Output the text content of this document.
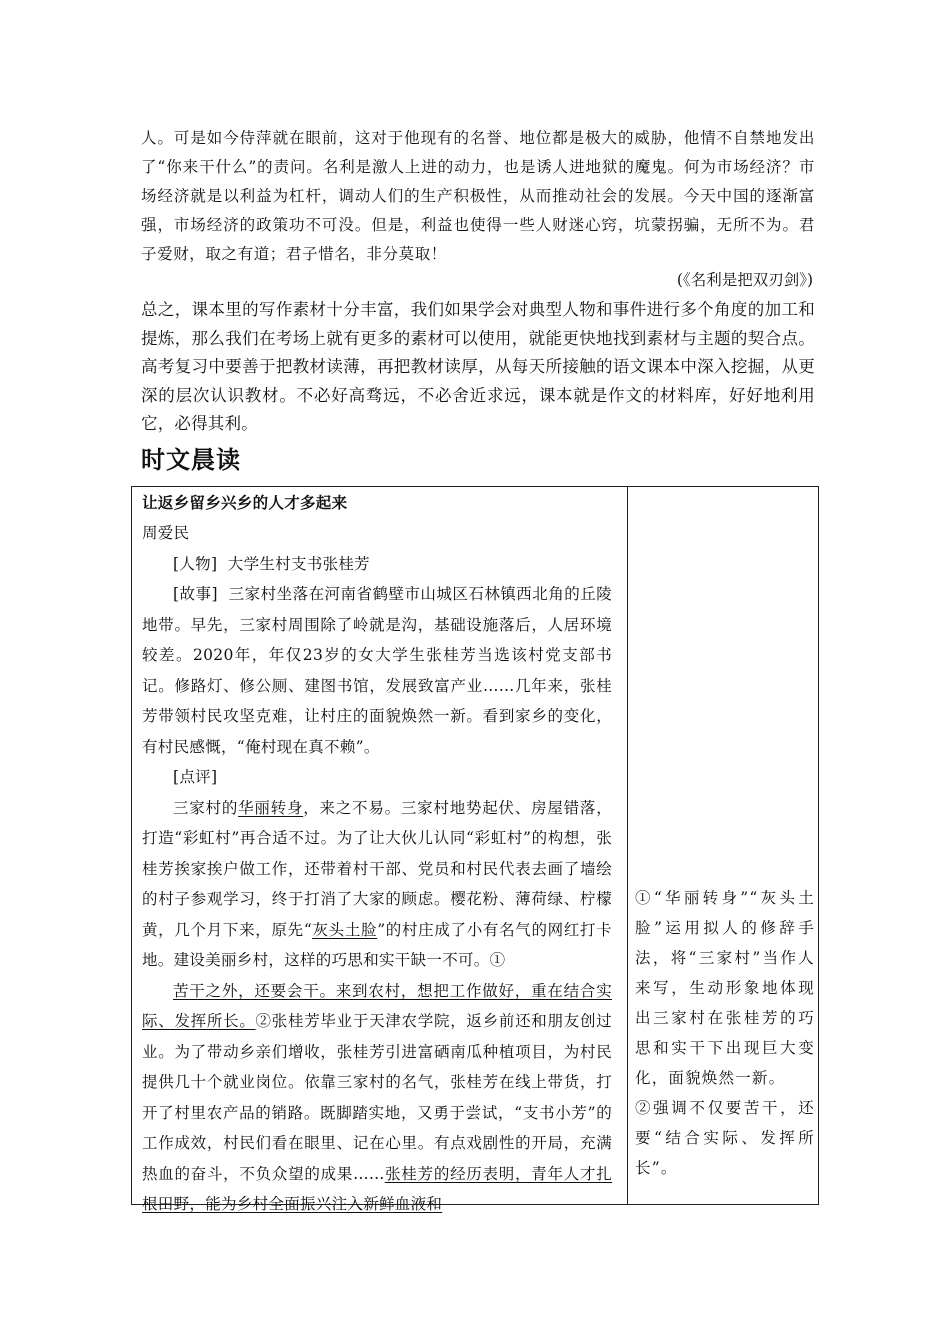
人。可是如今侍萍就在眼前，这对于他现有的名誉、地位都是极大的威胁，他情不自禁地发出了“你来干什么”的责问。名利是激人上进的动力，也是诱人进地狱的魔鬼。何为市场经济？市场经济就是以利益为杠杆，调动人们的生产积极性，从而推动社会的发展。今天中国的逐渐富强，市场经济的政策功不可没。但是，利益也使得一些人财迷心窍，坑蒙拐骗，无所不为。君子爱财，取之有道；君子惜名，非分莫取！
(《名利是把双刃剑》)
总之，课本里的写作素材十分丰富，我们如果学会对典型人物和事件进行多个角度的加工和提炼，那么我们在考场上就有更多的素材可以使用，就能更快地找到素材与主题的契合点。高考复习中要善于把教材读薄，再把教材读厚，从每天所接触的语文课本中深入挖掘，从更深的层次认识教材。不必好高骛远，不必舍近求远，课本就是作文的材料库，好好地利用它，必得其利。
时文晨读

让返乡留乡兴乡的人才多起来

周爱民

[人物] 大学生村支书张桂芳

[故事] 三家村坐落在河南省鹤壁市山城区石林镇西北角的丘陵地带。早先，三家村周围除了岭就是沟，基础设施落后，人居环境较差。2020年，年仅23岁的女大学生张桂芳当选该村党支部书记。修路灯、修公厕、建图书馆，发展致富产业……几年来，张桂芳带领村民攻坚克难，让村庄的面貌焕然一新。看到家乡的变化，有村民感慨，“俺村现在真不赖”。

[点评]

三家村的华丽转身，来之不易。三家村地势起伏、房屋错落，打造“彩虹村”再合适不过。为了让大伙儿认同“彩虹村”的构想，张桂芳挨家挨户做工作，还带着村干部、党员和村民代表去画了墙绘的村子参观学习，终于打消了大家的顾虑。樱花粉、薄荷绿、柠檬黄，几个月下来，原先“灰头土脸”的村庄成了小有名气的网红打卡地。建设美丽乡村，这样的巧思和实干缺一不可。①

苦干之外，还要会干。来到农村，想把工作做好，重在结合实际、发挥所长。②张桂芳毕业于天津农学院，返乡前还和朋友创过业。为了带动乡亲们增收，张桂芳引进富硒南瓜种植项目，为村民提供几十个就业岗位。依靠三家村的名气，张桂芳在线上带货，打开了村里农产品的销路。既脚踏实地，又勇于尝试，“支书小芳”的工作成效，村民们看在眼里、记在心里。有点戏剧性的开局，充满热血的奋斗，不负众望的成果……张桂芳的经历表明，青年人才扎根田野，能为乡村全面振兴注入新鲜血液和

①“华丽转身”“灰头土脸”运用拟人的修辞手法，将“三家村”当作人来写，生动形象地体现出三家村在张桂芳的巧思和实干下出现巨大变化，面貌焕然一新。

②强调不仅要苦干，还要“结合实际、发挥所长”。
